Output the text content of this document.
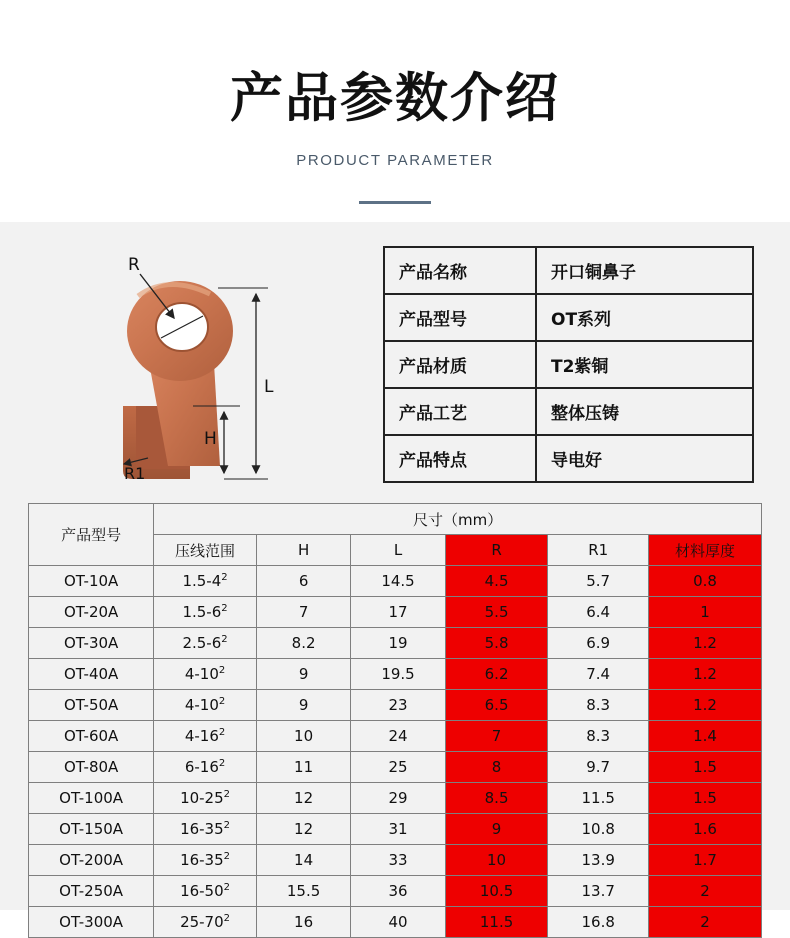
产品参数介绍
PRODUCT PARAMETER
R
L
H
R1
产品名称	开口铜鼻子
产品型号	OT系列
产品材质	T2紫铜
产品工艺	整体压铸
产品特点	导电好
产品型号	尺寸（mm）					
	压线范围	H	L	R	R1	材料厚度
OT-10A	$1.5-4^2$	6	14.5	4.5	5.7	0.8
OT-20A	$1.5-6^2$	7	17	5.5	6.4	1
OT-30A	$2.5-6^2$	8.2	19	5.8	6.9	1.2
OT-40A	$4-10^2$	9	19.5	6.2	7.4	1.2
OT-50A	$4-10^2$	9	23	6.5	8.3	1.2
OT-60A	$4-16^2$	10	24	7	8.3	1.4
OT-80A	$6-16^2$	11	25	8	9.7	1.5
OT-100A	$10-25^2$	12	29	8.5	11.5	1.5
OT-150A	$16-35^2$	12	31	9	10.8	1.6
OT-200A	$16-35^2$	14	33	10	13.9	1.7
OT-250A	$16-50^2$	15.5	36	10.5	13.7	2
OT-300A	$25-70^2$	16	40	11.5	16.8	2
